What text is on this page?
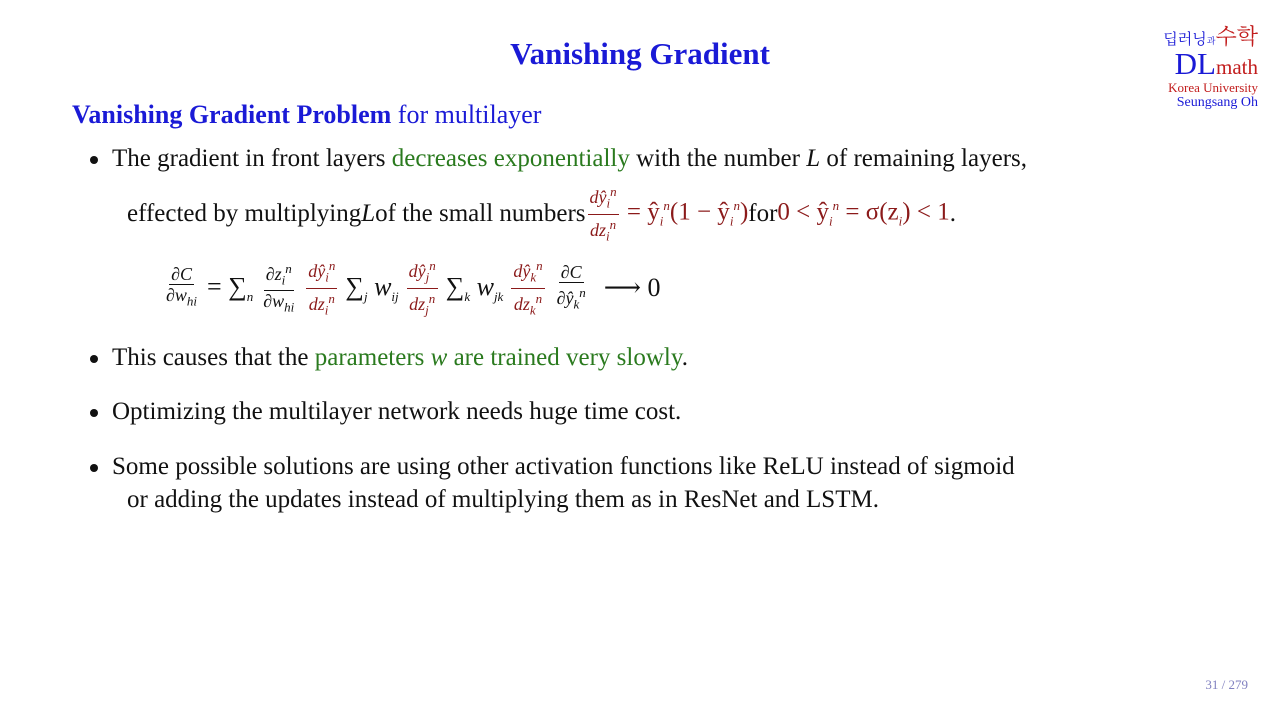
Vanishing Gradient	딥러닝과수학
DLmath
Korea University
Seungsang Oh
Vanishing Gradient Problem for multilayer
The gradient in front layers decreases exponentially with the number L of remaining layers,
effected by multiplying L of the small numbers $\frac{dŷ_i^n}{dz_i^n}$ = $ŷ_i^n(1$ − $ŷ_i^n$) for $0 < ŷ_i^n = \sigma(z_i) < 1$ .
$\frac{\partial C}{\partial w_{hi}} = \sum_n \frac{\partial z_i^n}{\partial w_{hi}} \frac{dŷ_i^n}{dz_i^n} \sum_j$ $w_{ij} \frac{dŷ_j^n}{dz_j^n} \sum_k$ $w_{jk} \frac{dŷ_k^n}{dz_k^n} \frac{\partial C}{\partial ŷ_k^n}$ ⟶ 0
This causes that the parameters w are trained very slowly.
Optimizing the multilayer network needs huge time cost.
Some possible solutions are using other activation functions like ReLU instead of sigmoid
or adding the updates instead of multiplying them as in ResNet and LSTM.
31 / 279
